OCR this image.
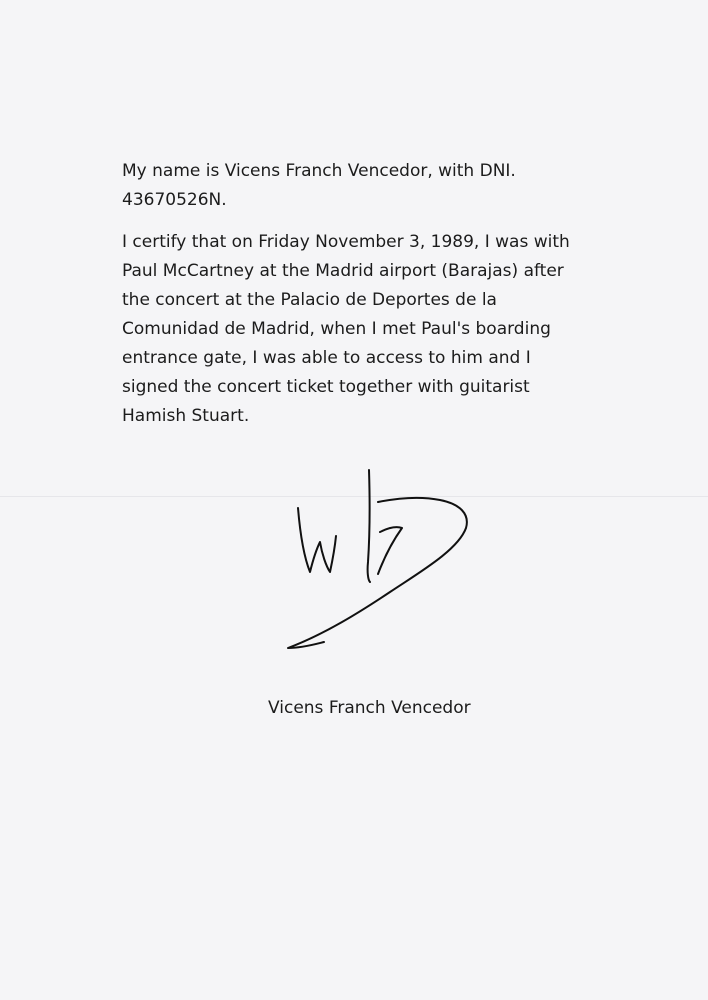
My name is Vicens Franch Vencedor, with DNI. 43670526N.

I certify that on Friday November 3, 1989, I was with Paul McCartney at the Madrid airport (Barajas) after the concert at the Palacio de Deportes de la Comunidad de Madrid, when I met Paul's boarding entrance gate, I was able to access to him and I signed the concert ticket together with guitarist Hamish Stuart.

Vicens Franch Vencedor
